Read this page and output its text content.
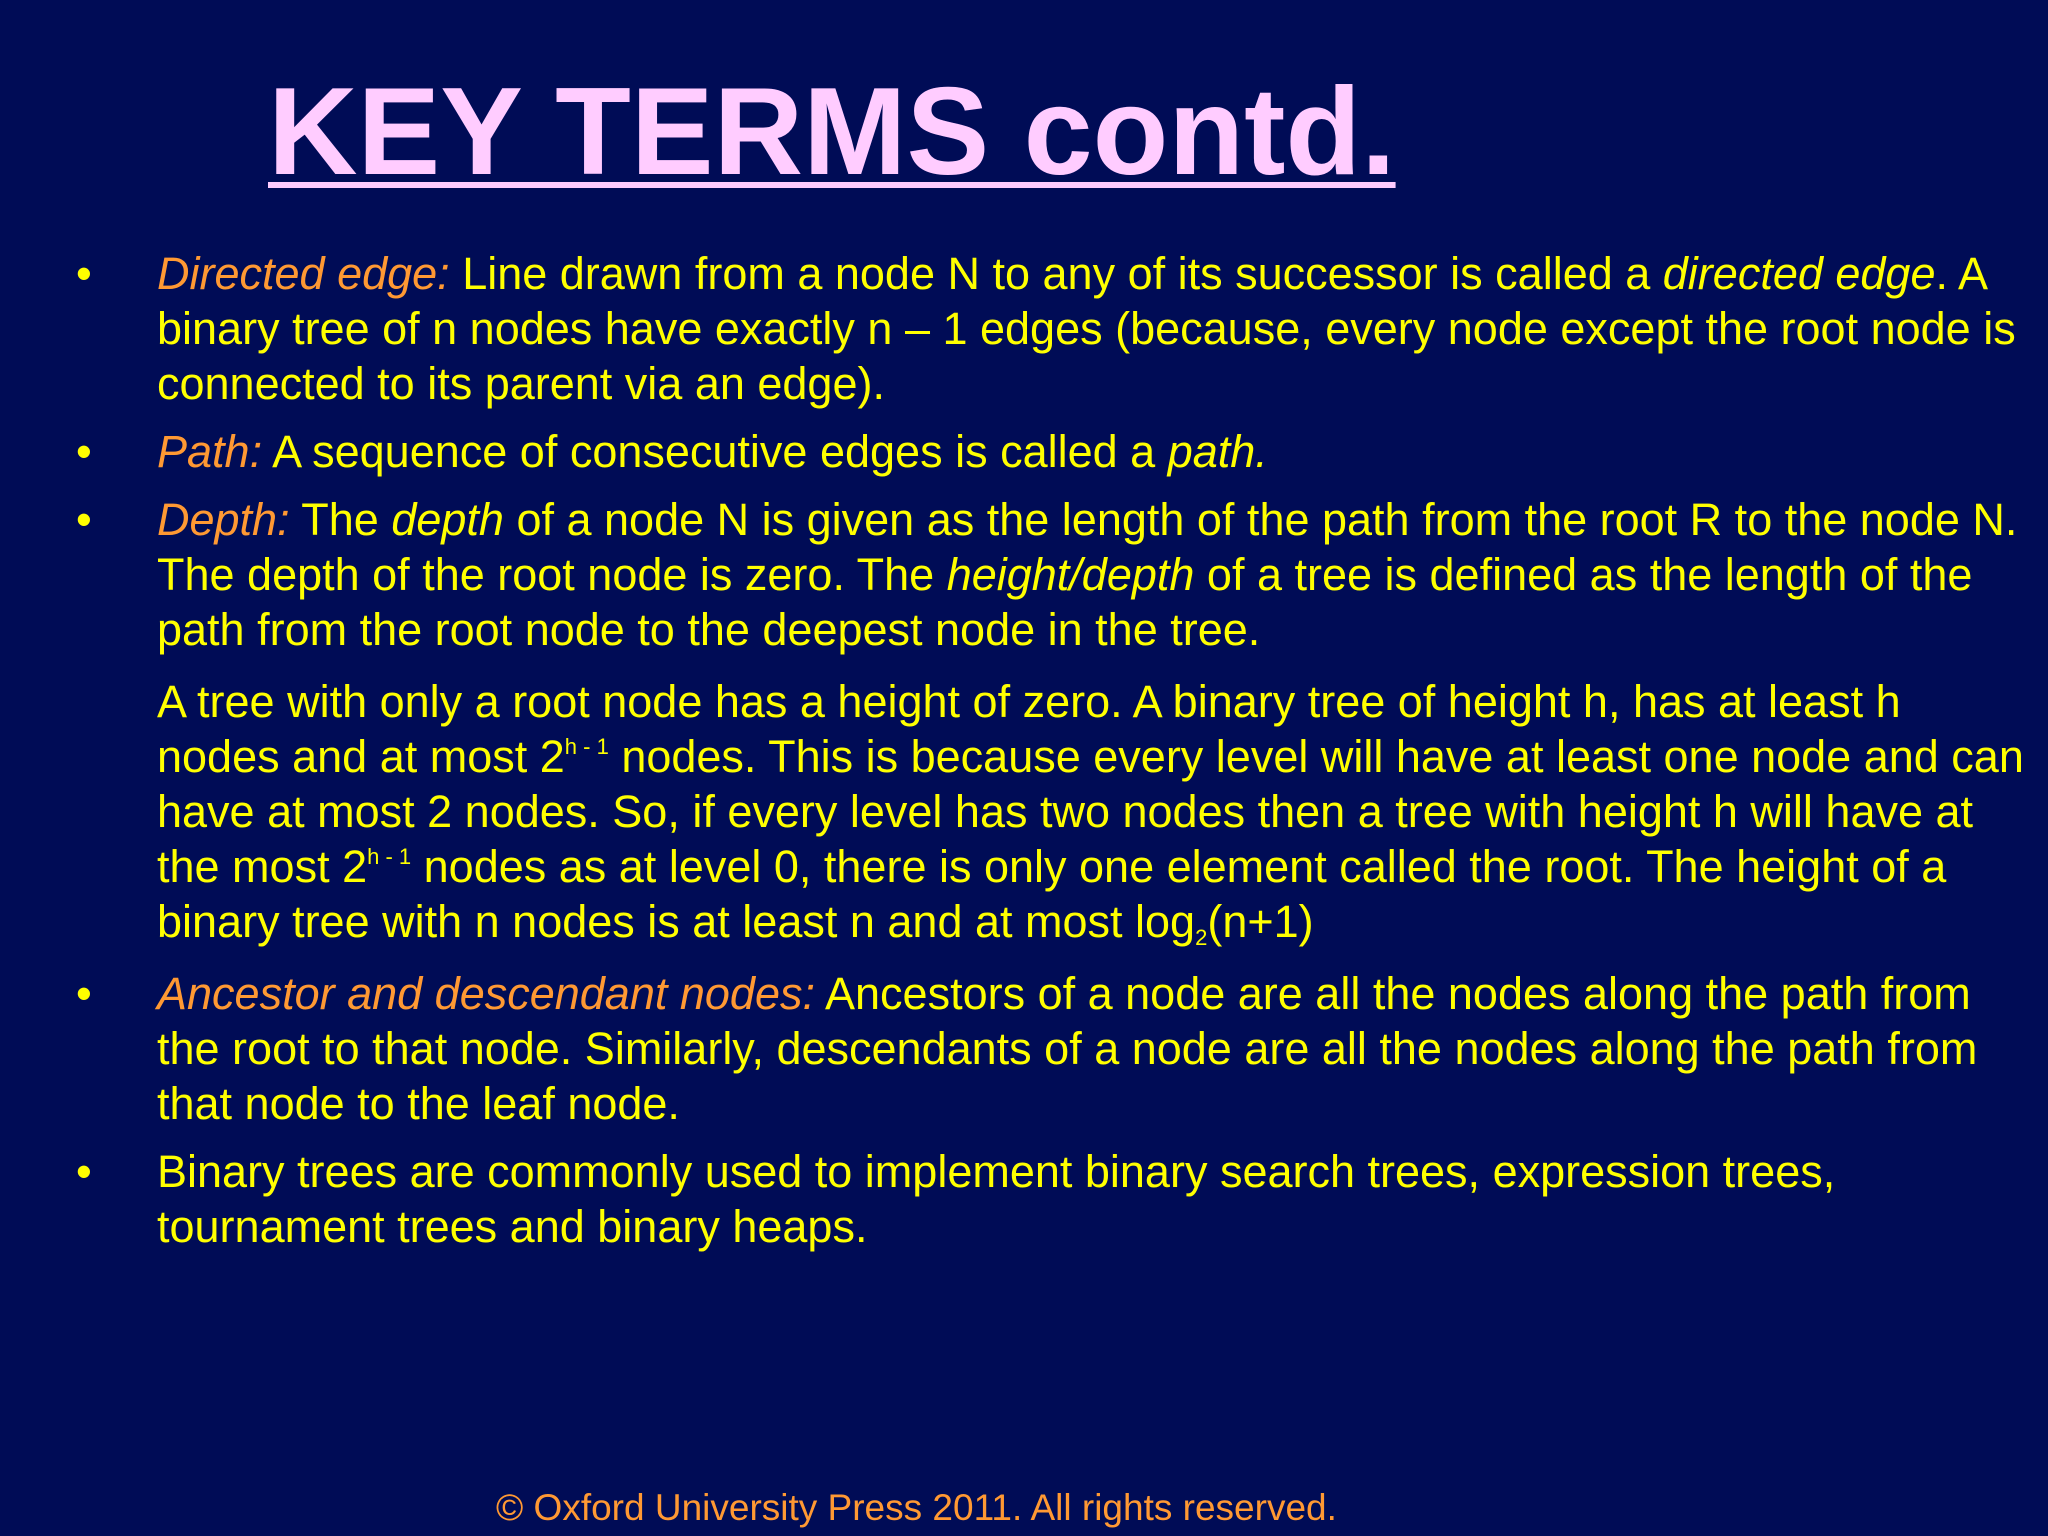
KEY TERMS contd.
• Directed edge: Line drawn from a node N to any of its successor is called a directed edge. A binary tree of n nodes have exactly n – 1 edges (because, every node except the root node is connected to its parent via an edge).
• Path: A sequence of consecutive edges is called a path.
• Depth: The depth of a node N is given as the length of the path from the root R to the node N. The depth of the root node is zero. The height/depth of a tree is defined as the length of the path from the root node to the deepest node in the tree.
A tree with only a root node has a height of zero. A binary tree of height h, has at least h nodes and at most 2$^{h - 1}$ nodes. This is because every level will have at least one node and can have at most 2 nodes. So, if every level has two nodes then a tree with height h will have at the most 2$^{h - 1}$ nodes as at level 0, there is only one element called the root. The height of a binary tree with n nodes is at least n and at most $\log_2(n+1)$
• Ancestor and descendant nodes: Ancestors of a node are all the nodes along the path from the root to that node. Similarly, descendants of a node are all the nodes along the path from that node to the leaf node.
• Binary trees are commonly used to implement binary search trees, expression trees, tournament trees and binary heaps.
© Oxford University Press 2011. All rights reserved.
